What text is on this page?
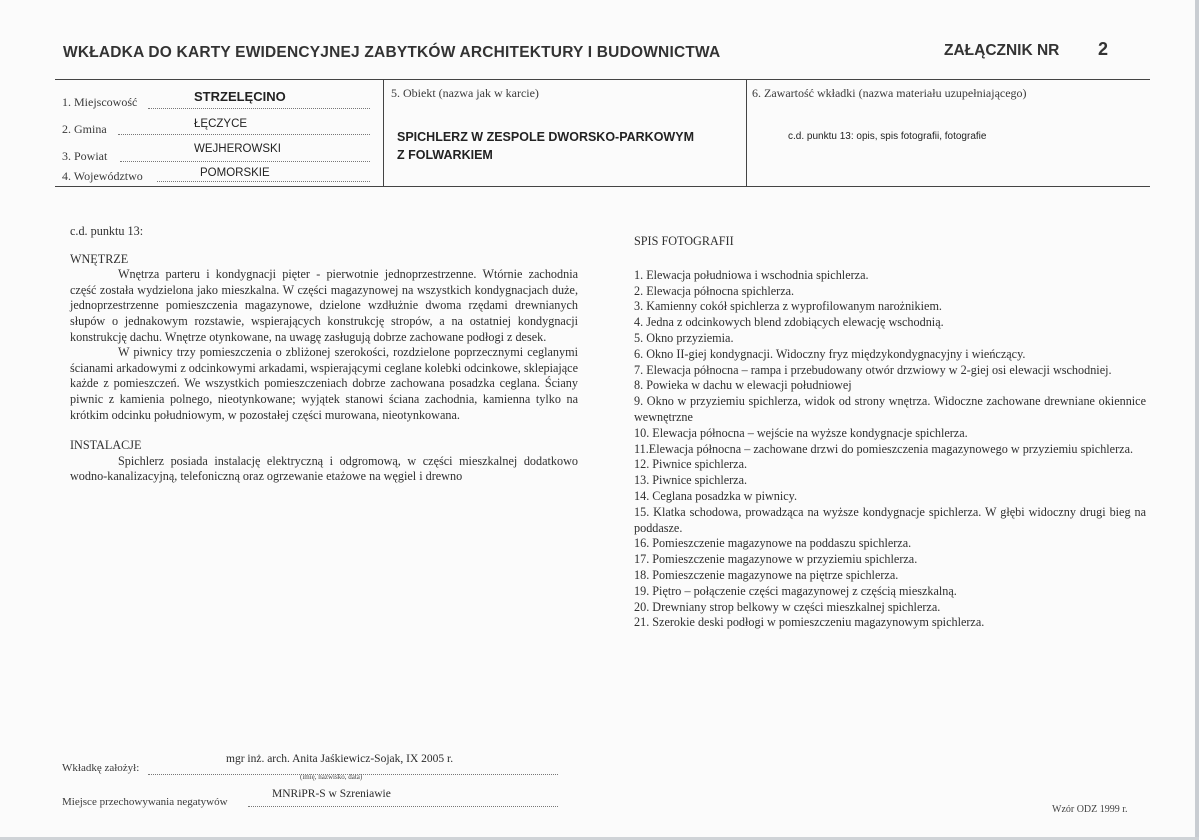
WKŁADKA DO KARTY EWIDENCYJNEJ ZABYTKÓW ARCHITEKTURY I BUDOWNICTWA	ZAŁĄCZNIK NR 2
1. Miejscowość	STRZELĘCINO
2. Gmina	ŁĘCZYCE
3. Powiat	WEJHEROWSKI
4. Województwo	POMORSKIE
5. Obiekt (nazwa jak w karcie)
SPICHLERZ W ZESPOLE DWORSKO-PARKOWYM
Z FOLWARKIEM
6. Zawartość wkładki (nazwa materiału uzupełniającego)
c.d. punktu 13: opis, spis fotografii, fotografie
c.d. punktu 13:
WNĘTRZE
Wnętrza parteru i kondygnacji pięter - pierwotnie jednoprzestrzenne. Wtórnie zachodnia część została wydzielona jako mieszkalna. W części magazynowej na wszystkich kondygnacjach duże, jednoprzestrzenne pomieszczenia magazynowe, dzielone wzdłużnie dwoma rzędami drewnianych słupów o jednakowym rozstawie, wspierających konstrukcję stropów, a na ostatniej kondygnacji konstrukcję dachu. Wnętrze otynkowane, na uwagę zasługują dobrze zachowane podłogi z desek.
W piwnicy trzy pomieszczenia o zbliżonej szerokości, rozdzielone poprzecznymi ceglanymi ścianami arkadowymi z odcinkowymi arkadami, wspierającymi ceglane kolebki odcinkowe, sklepiające każde z pomieszczeń. We wszystkich pomieszczeniach dobrze zachowana posadzka ceglana. Ściany piwnic z kamienia polnego, nieotynkowane; wyjątek stanowi ściana zachodnia, kamienna tylko na krótkim odcinku południowym, w pozostałej części murowana, nieotynkowana.
INSTALACJE
Spichlerz posiada instalację elektryczną i odgromową, w części mieszkalnej dodatkowo wodno-kanalizacyjną, telefoniczną oraz ogrzewanie etażowe na węgiel i drewno
SPIS FOTOGRAFII
1. Elewacja południowa i wschodnia spichlerza.
2. Elewacja północna spichlerza.
3. Kamienny cokół spichlerza z wyprofilowanym narożnikiem.
4. Jedna z odcinkowych blend zdobiących elewację wschodnią.
5. Okno przyziemia.
6. Okno II-giej kondygnacji. Widoczny fryz międzykondygnacyjny i wieńczący.
7. Elewacja północna – rampa i przebudowany otwór drzwiowy w 2-giej osi elewacji wschodniej.
8. Powieka w dachu w elewacji południowej
9. Okno w przyziemiu spichlerza, widok od strony wnętrza. Widoczne zachowane drewniane okiennice wewnętrzne
10. Elewacja północna – wejście na wyższe kondygnacje spichlerza.
11.Elewacja północna – zachowane drzwi do pomieszczenia magazynowego w przyziemiu spichlerza.
12. Piwnice spichlerza.
13. Piwnice spichlerza.
14. Ceglana posadzka w piwnicy.
15. Klatka schodowa, prowadząca na wyższe kondygnacje spichlerza. W głębi widoczny drugi bieg na poddasze.
16. Pomieszczenie magazynowe na poddaszu spichlerza.
17. Pomieszczenie magazynowe w przyziemiu spichlerza.
18. Pomieszczenie magazynowe na piętrze spichlerza.
19. Piętro – połączenie części magazynowej z częścią mieszkalną.
20. Drewniany strop belkowy w części mieszkalnej spichlerza.
21. Szerokie deski podłogi w pomieszczeniu magazynowym spichlerza.
Wkładkę założył:
mgr inż. arch. Anita Jaśkiewicz-Sojak, IX 2005 r.
(imię, nazwisko, data)
Miejsce przechowywania negatywów
MNRiPR-S w Szreniawie
Wzór ODZ 1999 r.
